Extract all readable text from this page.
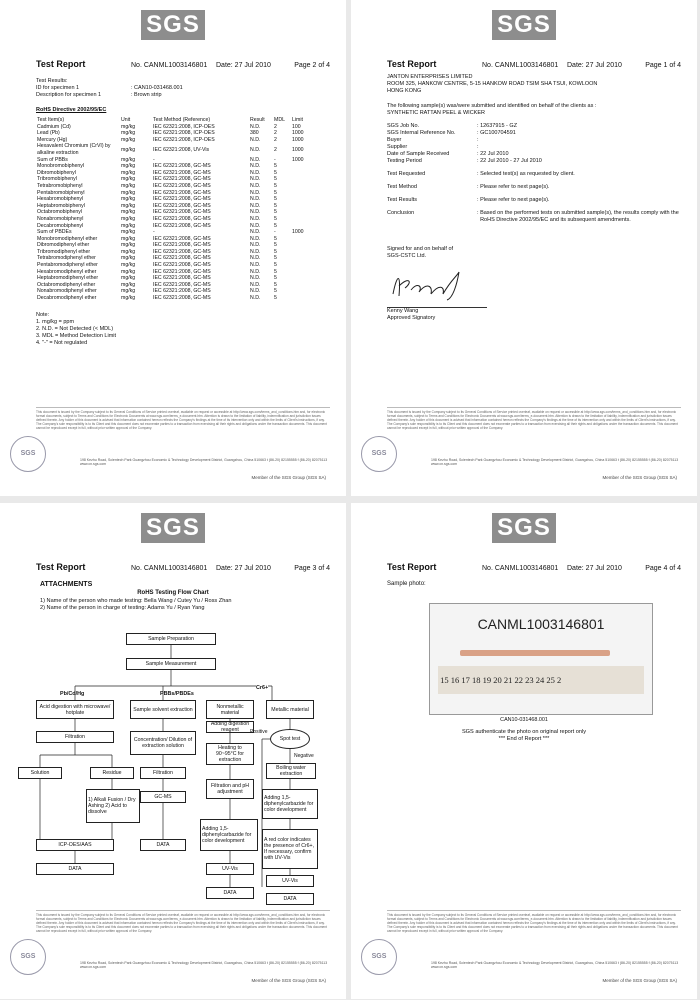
SGS
Test Report	No. CANML1003146801 Date: 27 Jul 2010	Page 2 of 4
Test Results:
ID for specimen 1	: CAN10-031468.001
Description for specimen 1	: Brown strip
RoHS Directive 2002/95/EC
Test Item(s)	Unit	Test Method (Reference)	Result	MDL	Limit
Cadmium (Cd)	mg/kg	IEC 62321:2008, ICP-OES	N.D.	2	100
Lead (Pb)	mg/kg	IEC 62321:2008, ICP-OES	380	2	1000
Mercury (Hg)	mg/kg	IEC 62321:2008, ICP-OES	N.D.	2	1000
Hexavalent Chromium (CrVI) by alkaline extraction	mg/kg	IEC 62321:2008, UV-Vis	N.D.	2	1000
Sum of PBBs	mg/kg	-	N.D.	-	1000
Monobromobiphenyl	mg/kg	IEC 62321:2008, GC-MS	N.D.	5	
Dibromobiphenyl	mg/kg	IEC 62321:2008, GC-MS	N.D.	5	
Tribromobiphenyl	mg/kg	IEC 62321:2008, GC-MS	N.D.	5	
Tetrabromobiphenyl	mg/kg	IEC 62321:2008, GC-MS	N.D.	5	
Pentabromobiphenyl	mg/kg	IEC 62321:2008, GC-MS	N.D.	5	
Hexabromobiphenyl	mg/kg	IEC 62321:2008, GC-MS	N.D.	5	
Heptabromobiphenyl	mg/kg	IEC 62321:2008, GC-MS	N.D.	5	
Octabromobiphenyl	mg/kg	IEC 62321:2008, GC-MS	N.D.	5	
Nonabromobiphenyl	mg/kg	IEC 62321:2008, GC-MS	N.D.	5	
Decabromobiphenyl	mg/kg	IEC 62321:2008, GC-MS	N.D.	5	
Sum of PBDEs	mg/kg	-	N.D.	-	1000
Monobromodiphenyl ether	mg/kg	IEC 62321:2008, GC-MS	N.D.	5	
Dibromodiphenyl ether	mg/kg	IEC 62321:2008, GC-MS	N.D.	5	
Tribromodiphenyl ether	mg/kg	IEC 62321:2008, GC-MS	N.D.	5	
Tetrabromodiphenyl ether	mg/kg	IEC 62321:2008, GC-MS	N.D.	5	
Pentabromodiphenyl ether	mg/kg	IEC 62321:2008, GC-MS	N.D.	5	
Hexabromodiphenyl ether	mg/kg	IEC 62321:2008, GC-MS	N.D.	5	
Heptabromodiphenyl ether	mg/kg	IEC 62321:2008, GC-MS	N.D.	5	
Octabromodiphenyl ether	mg/kg	IEC 62321:2008, GC-MS	N.D.	5	
Nonabromodiphenyl ether	mg/kg	IEC 62321:2008, GC-MS	N.D.	5	
Decabromodiphenyl ether	mg/kg	IEC 62321:2008, GC-MS	N.D.	5	
Note:
1. mg/kg = ppm
2. N.D. = Not Detected (< MDL)
3. MDL = Method Detection Limit
4. "-" = Not regulated
SGS
This document is issued by the Company subject to its General Conditions of Service printed overleaf, available on request or accessible at http://www.sgs.com/terms_and_conditions.htm and, for electronic format documents, subject to Terms and Conditions for Electronic Documents at www.sgs.com/terms_e-document.htm. Attention is drawn to the limitation of liability, indemnification and jurisdiction issues defined therein. Any holder of this document is advised that information contained hereon reflects the Company's findings at the time of its intervention only and within the limits of Client's instructions, if any. The Company's sole responsibility is to its Client and this document does not exonerate parties to a transaction from exercising all their rights and obligations under the transaction documents. This document cannot be reproduced except in full, without prior written approval of the Company.
198 Kezhu Road, Scientech Park Guangzhou Economic & Technology Development District, Guangzhou, China 510663 t (86-20) 82155555 f (86-20) 82075113 www.cn.sgs.com
Member of the SGS Group (SGS SA)
SGS
Test Report	No. CANML1003146801 Date: 27 Jul 2010	Page 1 of 4
JANTON ENTERPRISES LIMITED
ROOM 325, HANKOW CENTRE, 5-15 HANKOW ROAD TSIM SHA TSUI, KOWLOON
HONG KONG
The following sample(s) was/were submitted and identified on behalf of the clients as :
SYNTHETIC RATTAN PEEL & WICKER
SGS Job No.	: 12637915 - GZ
SGS Internal Reference No.	: GC100704591
Buyer	:
Supplier	:
Date of Sample Received	: 22 Jul 2010
Testing Period	: 22 Jul 2010 - 27 Jul 2010
Test Requested	: Selected test(s) as requested by client.
Test Method	: Please refer to next page(s).
Test Results	: Please refer to next page(s).
Conclusion	: Based on the performed tests on submitted sample(s), the results comply with the RoHS Directive 2002/95/EC and its subsequent amendments.
Signed for and on behalf of
SGS-CSTC Ltd.
Kenny Wang
Approved Signatory
SGS
This document is issued by the Company subject to its General Conditions of Service printed overleaf, available on request or accessible at http://www.sgs.com/terms_and_conditions.htm and, for electronic format documents, subject to Terms and Conditions for Electronic Documents at www.sgs.com/terms_e-document.htm. Attention is drawn to the limitation of liability, indemnification and jurisdiction issues defined therein. Any holder of this document is advised that information contained hereon reflects the Company's findings at the time of its intervention only and within the limits of Client's instructions, if any. The Company's sole responsibility is to its Client and this document does not exonerate parties to a transaction from exercising all their rights and obligations under the transaction documents. This document cannot be reproduced except in full, without prior written approval of the Company.
198 Kezhu Road, Scientech Park Guangzhou Economic & Technology Development District, Guangzhou, China 510663 t (86-20) 82155555 f (86-20) 82075113 www.cn.sgs.com
Member of the SGS Group (SGS SA)
SGS
Test Report	No. CANML1003146801 Date: 27 Jul 2010	Page 3 of 4
ATTACHMENTS
RoHS Testing Flow Chart
1) Name of the person who made testing: Bella Wang / Cutey Yu / Ross Zhan
2) Name of the person in charge of testing: Adams Yu / Ryan Yang
Sample Preparation
Sample Measurement
Pb/Cd/Hg	PBBs/PBDEs
Cr6+
Acid digestion with microwave/ hotplate
Filtration
Solution	Residue
1) Alkali Fusion / Dry Ashing 2) Acid to dissolve
ICP-OES/AAS
DATA
Sample solvent extraction
Concentration/ Dilution of extraction solution
Filtration
GC-MS
DATA
Nonmetallic material
Adding digestion reagent
Heating to 90~95°C for extraction
Filtration and pH adjustment
Adding 1,5-diphenylcarbazide for color development
UV-Vis
DATA
Metallic material
Spot test
Positive
Negative
Boiling water extraction
Adding 1,5-diphenylcarbazide for color development
A red color indicates the presence of Cr6+, If necessary, confirm with UV-Vis
UV-Vis
DATA
SGS
This document is issued by the Company subject to its General Conditions of Service printed overleaf, available on request or accessible at http://www.sgs.com/terms_and_conditions.htm and, for electronic format documents, subject to Terms and Conditions for Electronic Documents at www.sgs.com/terms_e-document.htm. Attention is drawn to the limitation of liability, indemnification and jurisdiction issues defined therein. Any holder of this document is advised that information contained hereon reflects the Company's findings at the time of its intervention only and within the limits of Client's instructions, if any. The Company's sole responsibility is to its Client and this document does not exonerate parties to a transaction from exercising all their rights and obligations under the transaction documents. This document cannot be reproduced except in full, without prior written approval of the Company.
198 Kezhu Road, Scientech Park Guangzhou Economic & Technology Development District, Guangzhou, China 510663 t (86-20) 82155555 f (86-20) 82075113 www.cn.sgs.com
Member of the SGS Group (SGS SA)
SGS
Test Report	No. CANML1003146801 Date: 27 Jul 2010	Page 4 of 4
Sample photo:
CANML1003146801
15 16 17 18 19 20 21 22 23 24 25 2
CAN10-031468.001
SGS authenticate the photo on original report only
*** End of Report ***
SGS
This document is issued by the Company subject to its General Conditions of Service printed overleaf, available on request or accessible at http://www.sgs.com/terms_and_conditions.htm and, for electronic format documents, subject to Terms and Conditions for Electronic Documents at www.sgs.com/terms_e-document.htm. Attention is drawn to the limitation of liability, indemnification and jurisdiction issues defined therein. Any holder of this document is advised that information contained hereon reflects the Company's findings at the time of its intervention only and within the limits of Client's instructions, if any. The Company's sole responsibility is to its Client and this document does not exonerate parties to a transaction from exercising all their rights and obligations under the transaction documents. This document cannot be reproduced except in full, without prior written approval of the Company.
198 Kezhu Road, Scientech Park Guangzhou Economic & Technology Development District, Guangzhou, China 510663 t (86-20) 82155555 f (86-20) 82075113 www.cn.sgs.com
Member of the SGS Group (SGS SA)
